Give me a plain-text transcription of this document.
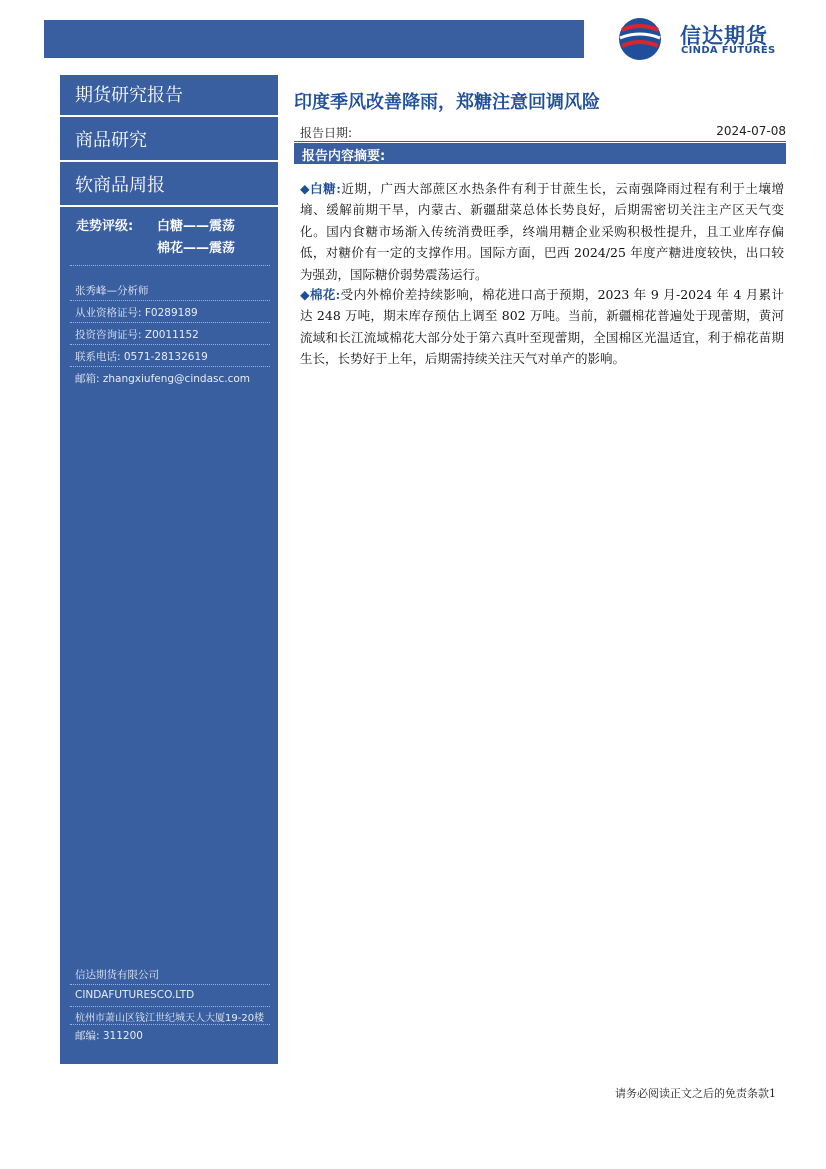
信达期货
CINDA FUTURES
期货研究报告
商品研究
软商品周报
走势评级: 白糖——震荡
棉花——震荡
张秀峰—分析师
从业资格证号: F0289189
投资咨询证号: Z0011152
联系电话: 0571-28132619
邮箱: zhangxiufeng@cindasc.com
信达期货有限公司
CINDAFUTURESCO.LTD
杭州市萧山区钱江世纪城天人大厦19-20楼
邮编: 311200
印度季风改善降雨，郑糖注意回调风险
报告日期:	2024-07-08
报告内容摘要:
◆白糖:近期，广西大部蔗区水热条件有利于甘蔗生长，云南强降雨过程有利于土壤增墒、缓解前期干旱，内蒙古、新疆甜菜总体长势良好，后期需密切关注主产区天气变化。国内食糖市场渐入传统消费旺季，终端用糖企业采购积极性提升，且工业库存偏低，对糖价有一定的支撑作用。国际方面，巴西 2024/25 年度产糖进度较快，出口较为强劲，国际糖价弱势震荡运行。
◆棉花:受内外棉价差持续影响，棉花进口高于预期，2023 年 9 月-2024 年 4 月累计达 248 万吨，期末库存预估上调至 802 万吨。当前，新疆棉花普遍处于现蕾期，黄河流域和长江流域棉花大部分处于第六真叶至现蕾期，全国棉区光温适宜，利于棉花苗期生长，长势好于上年，后期需持续关注天气对单产的影响。
请务必阅读正文之后的免责条款1
